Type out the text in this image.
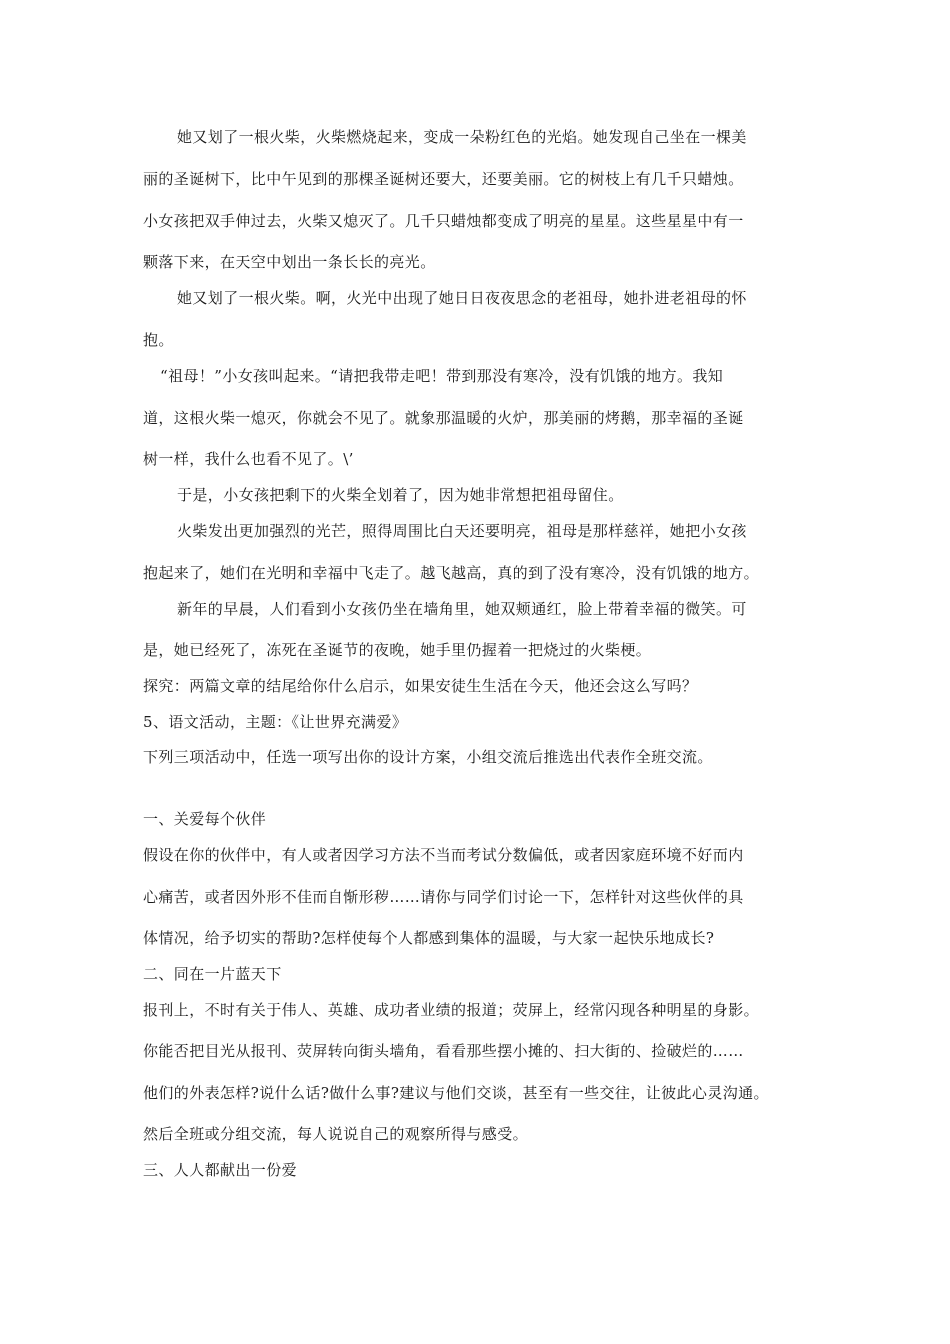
她又划了一根火柴，火柴燃烧起来，变成一朵粉红色的光焰。她发现自己坐在一棵美
丽的圣诞树下，比中午见到的那棵圣诞树还要大，还要美丽。它的树枝上有几千只蜡烛。
小女孩把双手伸过去，火柴又熄灭了。几千只蜡烛都变成了明亮的星星。这些星星中有一
颗落下来，在天空中划出一条长长的亮光。
她又划了一根火柴。啊，火光中出现了她日日夜夜思念的老祖母，她扑进老祖母的怀
抱。
“祖母！”小女孩叫起来。“请把我带走吧！带到那没有寒冷，没有饥饿的地方。我知
道，这根火柴一熄灭，你就会不见了。就象那温暖的火炉，那美丽的烤鹅，那幸福的圣诞
树一样，我什么也看不见了。\’
于是，小女孩把剩下的火柴全划着了，因为她非常想把祖母留住。
火柴发出更加强烈的光芒，照得周围比白天还要明亮，祖母是那样慈祥，她把小女孩
抱起来了，她们在光明和幸福中飞走了。越飞越高，真的到了没有寒冷，没有饥饿的地方。
新年的早晨，人们看到小女孩仍坐在墙角里，她双颊通红，脸上带着幸福的微笑。可
是，她已经死了，冻死在圣诞节的夜晚，她手里仍握着一把烧过的火柴梗。
探究：两篇文章的结尾给你什么启示，如果安徒生生活在今天，他还会这么写吗？
5、语文活动，主题：《让世界充满爱》
下列三项活动中，任选一项写出你的设计方案，小组交流后推选出代表作全班交流。
一、关爱每个伙伴
假设在你的伙伴中，有人或者因学习方法不当而考试分数偏低，或者因家庭环境不好而内
心痛苦，或者因外形不佳而自惭形秽……请你与同学们讨论一下，怎样针对这些伙伴的具
体情况，给予切实的帮助?怎样使每个人都感到集体的温暖，与大家一起快乐地成长?
二、同在一片蓝天下
报刊上，不时有关于伟人、英雄、成功者业绩的报道；荧屏上，经常闪现各种明星的身影。
你能否把目光从报刊、荧屏转向街头墙角，看看那些摆小摊的、扫大街的、捡破烂的……
他们的外表怎样?说什么话?做什么事?建议与他们交谈，甚至有一些交往，让彼此心灵沟通。
然后全班或分组交流，每人说说自己的观察所得与感受。
三、人人都献出一份爱
